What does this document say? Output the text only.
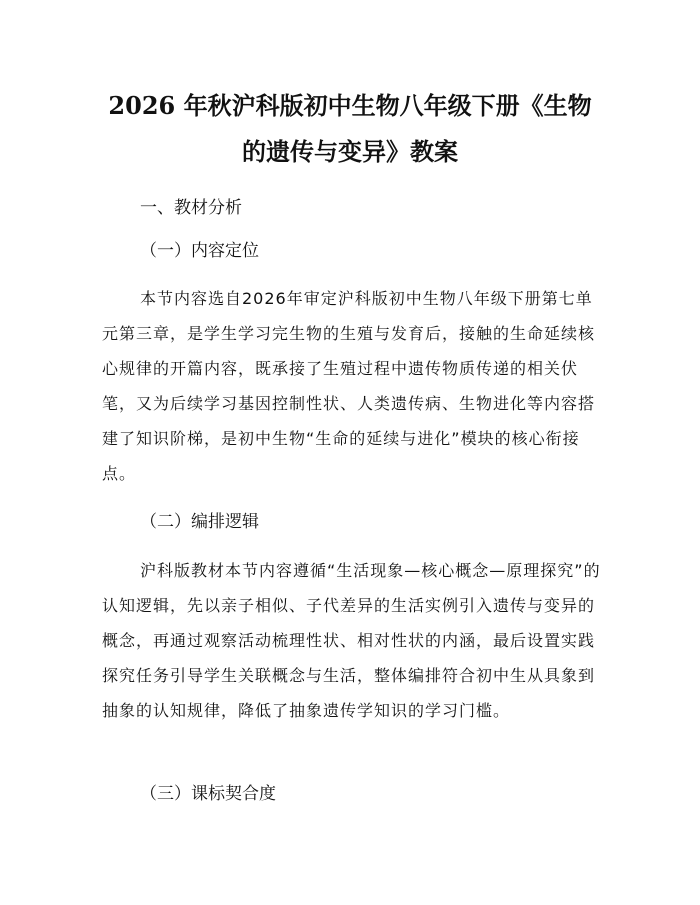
2026 年秋沪科版初中生物八年级下册《生物
的遗传与变异》教案

一、教材分析

（一）内容定位

本节内容选自2026年审定沪科版初中生物八年级下册第七单元第三章，是学生学习完生物的生殖与发育后，接触的生命延续核心规律的开篇内容，既承接了生殖过程中遗传物质传递的相关伏笔，又为后续学习基因控制性状、人类遗传病、生物进化等内容搭建了知识阶梯，是初中生物“生命的延续与进化”模块的核心衔接点。

（二）编排逻辑

沪科版教材本节内容遵循“生活现象—核心概念—原理探究”的认知逻辑，先以亲子相似、子代差异的生活实例引入遗传与变异的概念，再通过观察活动梳理性状、相对性状的内涵，最后设置实践探究任务引导学生关联概念与生活，整体编排符合初中生从具象到抽象的认知规律，降低了抽象遗传学知识的学习门槛。

（三）课标契合度
